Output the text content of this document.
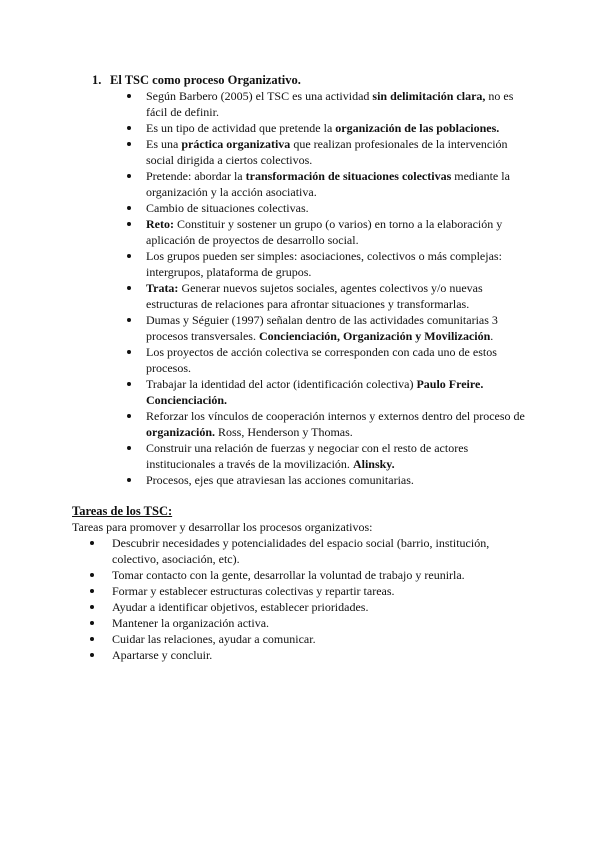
1. El TSC como proceso Organizativo.
Según Barbero (2005) el TSC es una actividad sin delimitación clara, no es fácil de definir.
Es un tipo de actividad que pretende la organización de las poblaciones.
Es una práctica organizativa que realizan profesionales de la intervención social dirigida a ciertos colectivos.
Pretende: abordar la transformación de situaciones colectivas mediante la organización y la acción asociativa.
Cambio de situaciones colectivas.
Reto: Constituir y sostener un grupo (o varios) en torno a la elaboración y aplicación de proyectos de desarrollo social.
Los grupos pueden ser simples: asociaciones, colectivos o más complejas: intergrupos, plataforma de grupos.
Trata: Generar nuevos sujetos sociales, agentes colectivos y/o nuevas estructuras de relaciones para afrontar situaciones y transformarlas.
Dumas y Séguier (1997) señalan dentro de las actividades comunitarias 3 procesos transversales. Concienciación, Organización y Movilización.
Los proyectos de acción colectiva se corresponden con cada uno de estos procesos.
Trabajar la identidad del actor (identificación colectiva) Paulo Freire. Concienciación.
Reforzar los vínculos de cooperación internos y externos dentro del proceso de organización. Ross, Henderson y Thomas.
Construir una relación de fuerzas y negociar con el resto de actores institucionales a través de la movilización. Alinsky.
Procesos, ejes que atraviesan las acciones comunitarias.
Tareas de los TSC:
Tareas para promover y desarrollar los procesos organizativos:
Descubrir necesidades y potencialidades del espacio social (barrio, institución, colectivo, asociación, etc).
Tomar contacto con la gente, desarrollar la voluntad de trabajo y reunirla.
Formar y establecer estructuras colectivas y repartir tareas.
Ayudar a identificar objetivos, establecer prioridades.
Mantener la organización activa.
Cuidar las relaciones, ayudar a comunicar.
Apartarse y concluir.
